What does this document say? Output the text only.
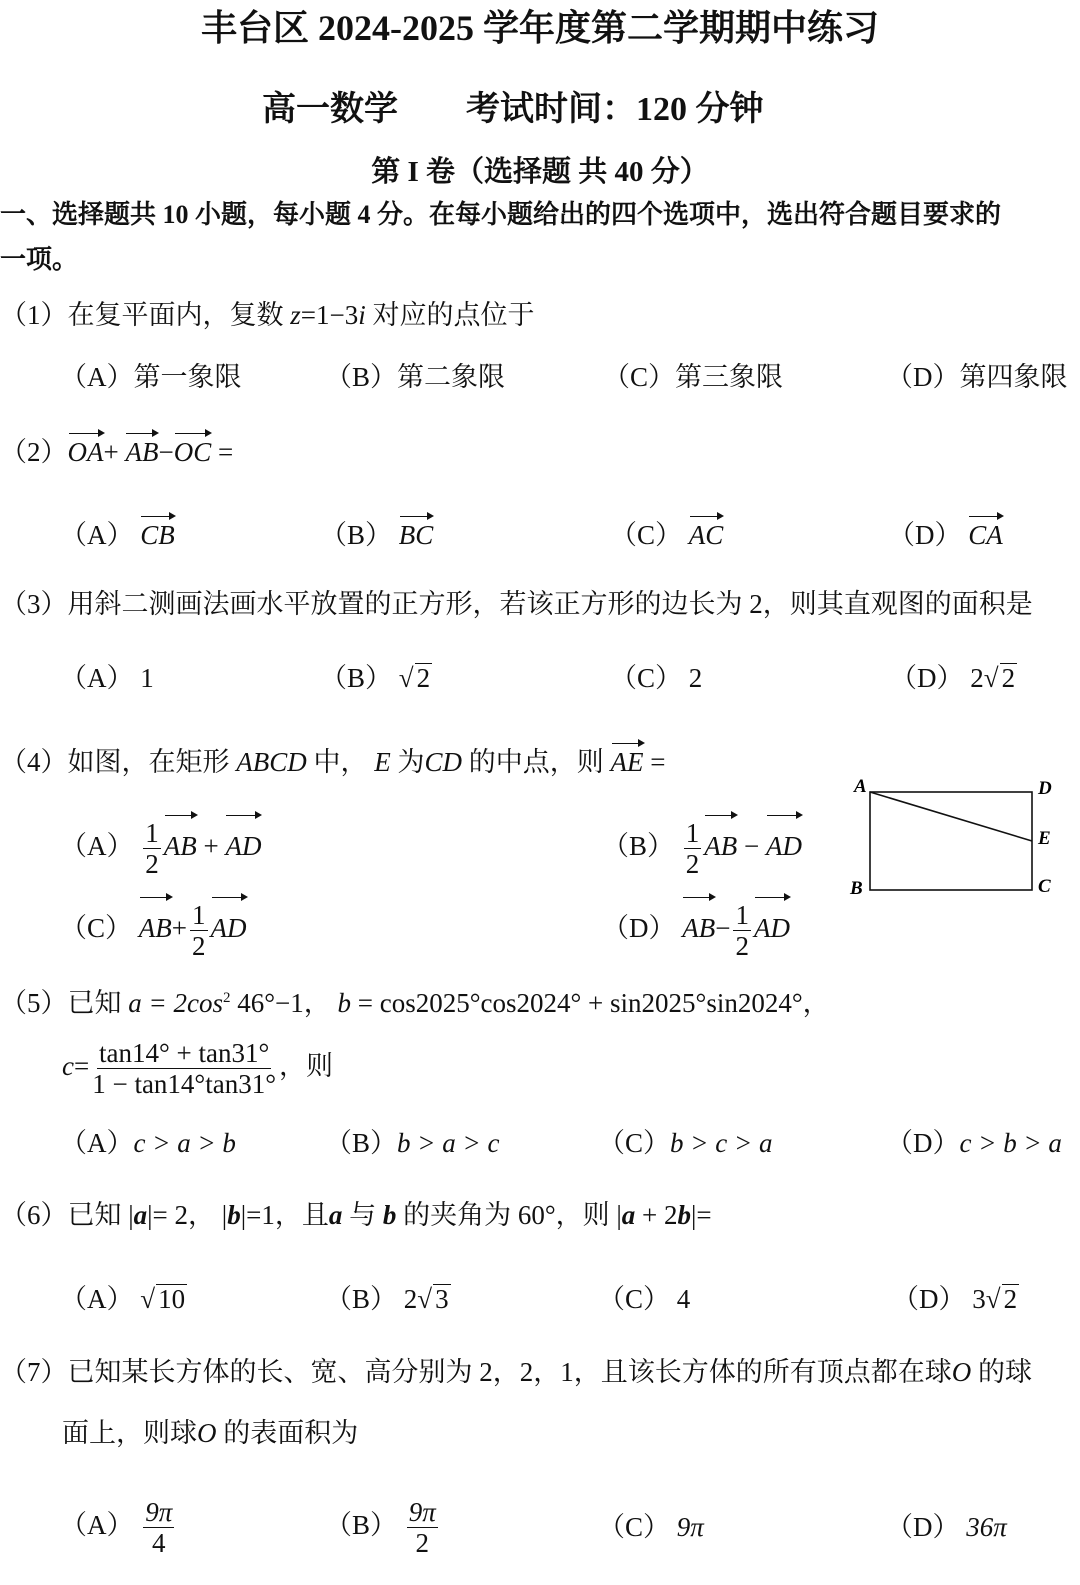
丰台区 2024-2025 学年度第二学期期中练习
高一数学 考试时间：120 分钟
第 I 卷（选择题 共 40 分）
一、选择题共 10 小题，每小题 4 分。在每小题给出的四个选项中，选出符合题目要求的
一项。
（1）在复平面内，复数 z=1−3i 对应的点位于
（A）第一象限	（B）第二象限	（C）第三象限	（D）第四象限
（2）OA+ AB−OC =
（A） CB	（B） BC	（C） AC	（D） CA
（3）用斜二测画法画水平放置的正方形，若该正方形的边长为 2，则其直观图的面积是
（A） 1	（B） √ 2	（C） 2	（D） 2√ 2
（4）如图，在矩形 ABCD 中， E 为CD 的中点，则 AE =
$(A) \frac{1}{2}$ AB + AD	$(B) \frac{1}{2}$ AB − AD
（C） $AB+ \frac{1}{2}$ AD	（D） $AB- \frac{1}{2}$ AD
A	D
E
B	C
（5）已知 $a = 2\cos^2$ 46°−1， b = cos2025°cos2024° + sin2025°sin2024°，
$c= \frac{\tan 14^\circ + \tan 31^\circ}{1 - \tan 14^\circ\tan 31^\circ}$ ，则
（A）c > a > b	（B）b > a > c	（C）b > c > a	（D）c > b > a
（6）已知 |a|= 2， |b|=1，且a 与 b 的夹角为 60°，则 |a + 2b|=
（A） √ 10	（B） 2√ 3	（C） 4	（D） 3√ 2
（7）已知某长方体的长、宽、高分别为 2，2，1，且该长方体的所有顶点都在球O 的球
面上，则球O 的表面积为
$(A) \frac{9\pi}{4}$	$(B) \frac{9\pi}{2}$	（C） 9π	（D） 36π
